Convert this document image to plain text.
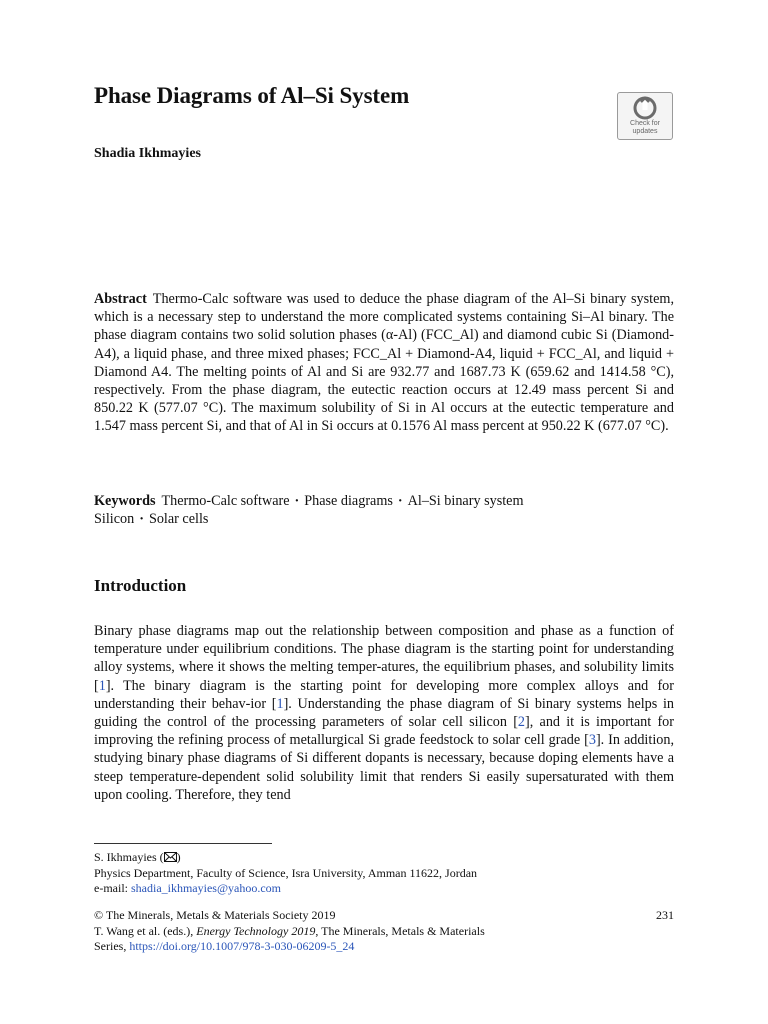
Phase Diagrams of Al–Si System
Check for
updates

Shadia Ikhmayies

Abstract Thermo-Calc software was used to deduce the phase diagram of the Al–Si binary system, which is a necessary step to understand the more complicated systems containing Si–Al binary. The phase diagram contains two solid solution phases (α-Al) (FCC_Al) and diamond cubic Si (Diamond-A4), a liquid phase, and three mixed phases; FCC_Al + Diamond-A4, liquid + FCC_Al, and liquid + Diamond A4. The melting points of Al and Si are 932.77 and 1687.73 K (659.62 and 1414.58 °C), respectively. From the phase diagram, the eutectic reaction occurs at 12.49 mass percent Si and 850.22 K (577.07 °C). The maximum solubility of Si in Al occurs at the eutectic temperature and 1.547 mass percent Si, and that of Al in Si occurs at 0.1576 Al mass percent at 950.22 K (677.07 °C).

Keywords Thermo-Calc software · Phase diagrams · Al–Si binary system
Silicon · Solar cells

Introduction

Binary phase diagrams map out the relationship between composition and phase as a function of temperature under equilibrium conditions. The phase diagram is the starting point for understanding alloy systems, where it shows the melting temper-atures, the equilibrium phases, and solubility limits [1]. The binary diagram is the starting point for developing more complex alloys and for understanding their behav-ior [1]. Understanding the phase diagram of Si binary systems helps in guiding the control of the processing parameters of solar cell silicon [2], and it is important for improving the refining process of metallurgical Si grade feedstock to solar cell grade [3]. In addition, studying binary phase diagrams of Si different dopants is necessary, because doping elements have a steep temperature-dependent solid solubility limit that renders Si easily supersaturated with them upon cooling. Therefore, they tend

S. Ikhmayies ( )
Physics Department, Faculty of Science, Isra University, Amman 11622, Jordan
e-mail: shadia_ikhmayies@yahoo.com

© The Minerals, Metals & Materials Society 2019	231

T. Wang et al. (eds.), Energy Technology 2019, The Minerals, Metals & Materials
Series, https://doi.org/10.1007/978-3-030-06209-5_24
